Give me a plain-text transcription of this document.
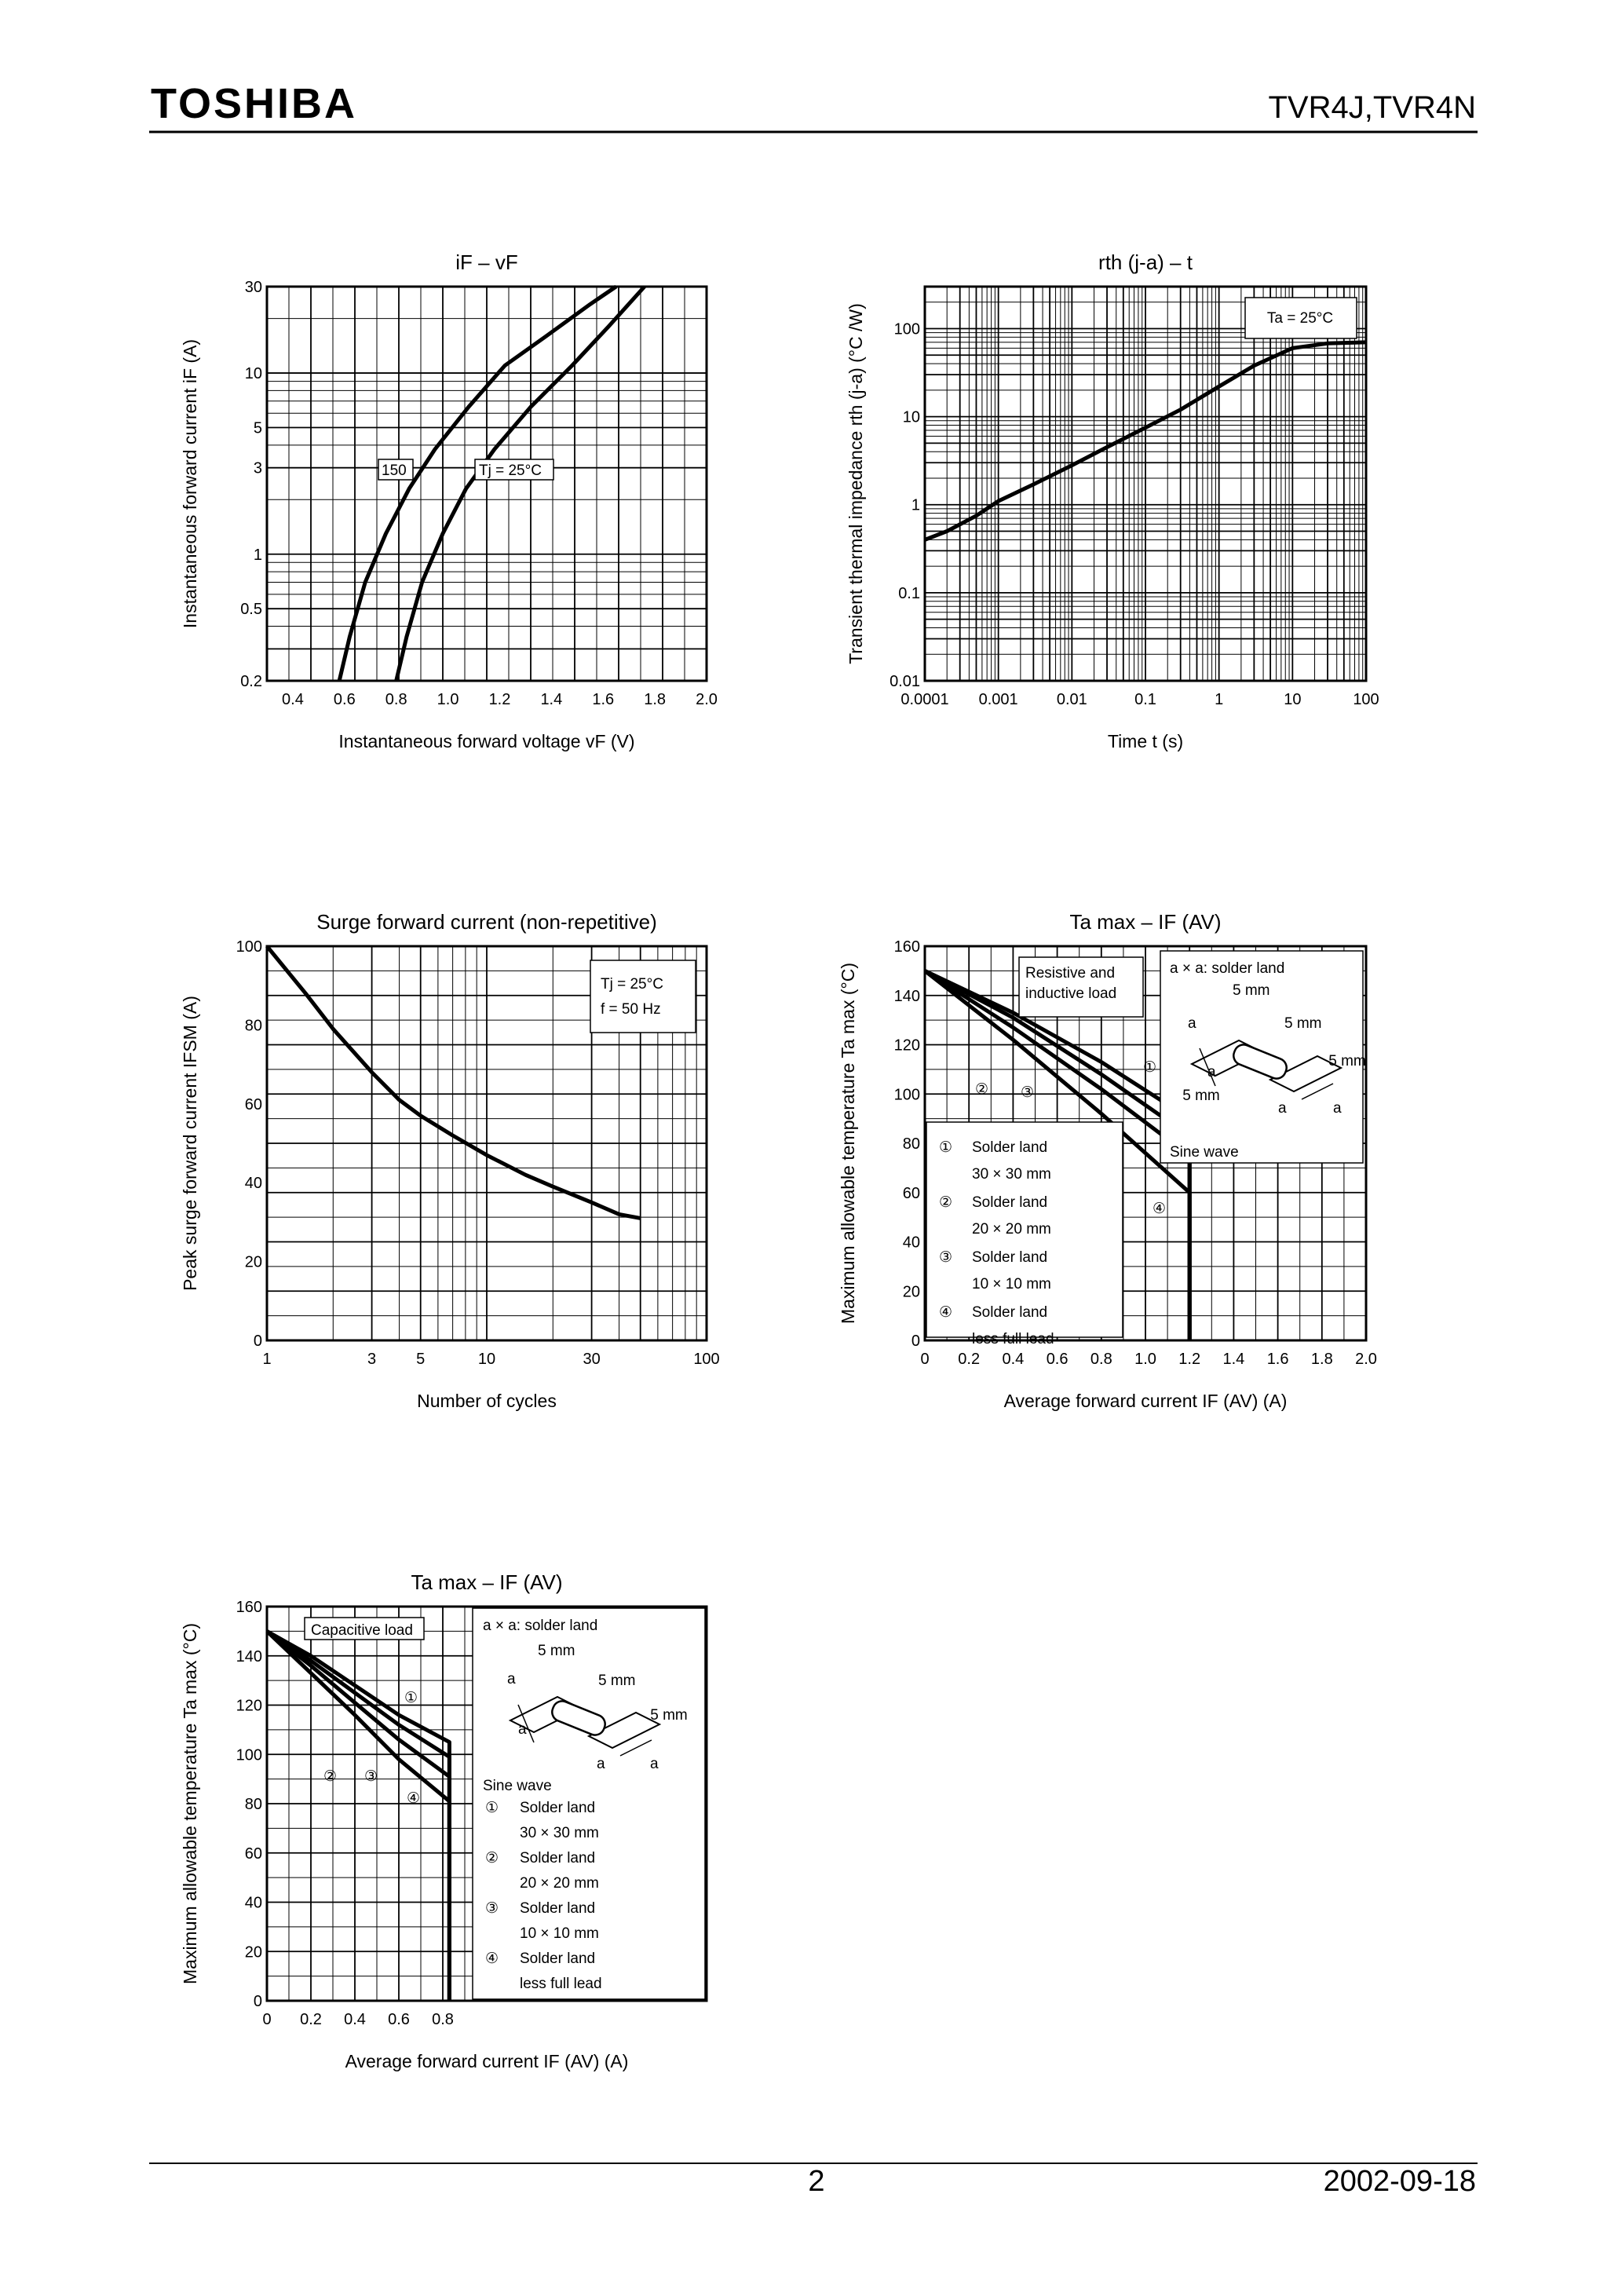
TOSHIBA	TVR4J,TVR4N
0.4 0.6 0.8 1.0 1.2 1.4 1.6 1.8 2.0
0.2
0.5
1
3
5
10
30
iF – vF
Instantaneous forward voltage vF (V)
Instantaneous forward current iF (A)	150	Tj = 25°C
0.0001 0.001 0.01	0.1	1	10	100
0.01
0.1
1
10
100
rth (j-a) – t
Time t (s)
Transient thermal impedance rth (j-a) (°C /W)	Ta = 25°C
1	3	5	10	30	100
0
20
40
60
80
100
Surge forward current (non-repetitive)
Number of cycles
Peak surge forward current IFSM (A)
Tj = 25°C
f = 50 Hz
0 0.2 0.4 0.6 0.8 1.0 1.2 1.4 1.6 1.8 2.0
0
20
40
60
80
100
120
140
160
Ta max – IF (AV)
Average forward current IF (AV) (A)
Maximum allowable temperature Ta max (°C)	Resistive and
inductive load
a × a: solder land
5 mm
5 mm
5 mm
5 mm
a
a
a	a
Sine wave
①
② ③
④
① Solder land
30 × 30 mm
② Solder land
20 × 20 mm
③ Solder land
10 × 10 mm
④ Solder land
less full lead
0 0.2 0.4 0.6 0.8
0
20
40
60
80
100
120
140
160
Ta max – IF (AV)
Average forward current IF (AV) (A)
Maximum allowable temperature Ta max (°C)	Capacitive load	a × a: solder land
5 mm
5 mm
5 mm
a
a
a	a
Sine wave
①
② ③
④
① Solder land
30 × 30 mm
② Solder land
20 × 20 mm
③ Solder land
10 × 10 mm
④ Solder land
less full lead
2	2002-09-18
